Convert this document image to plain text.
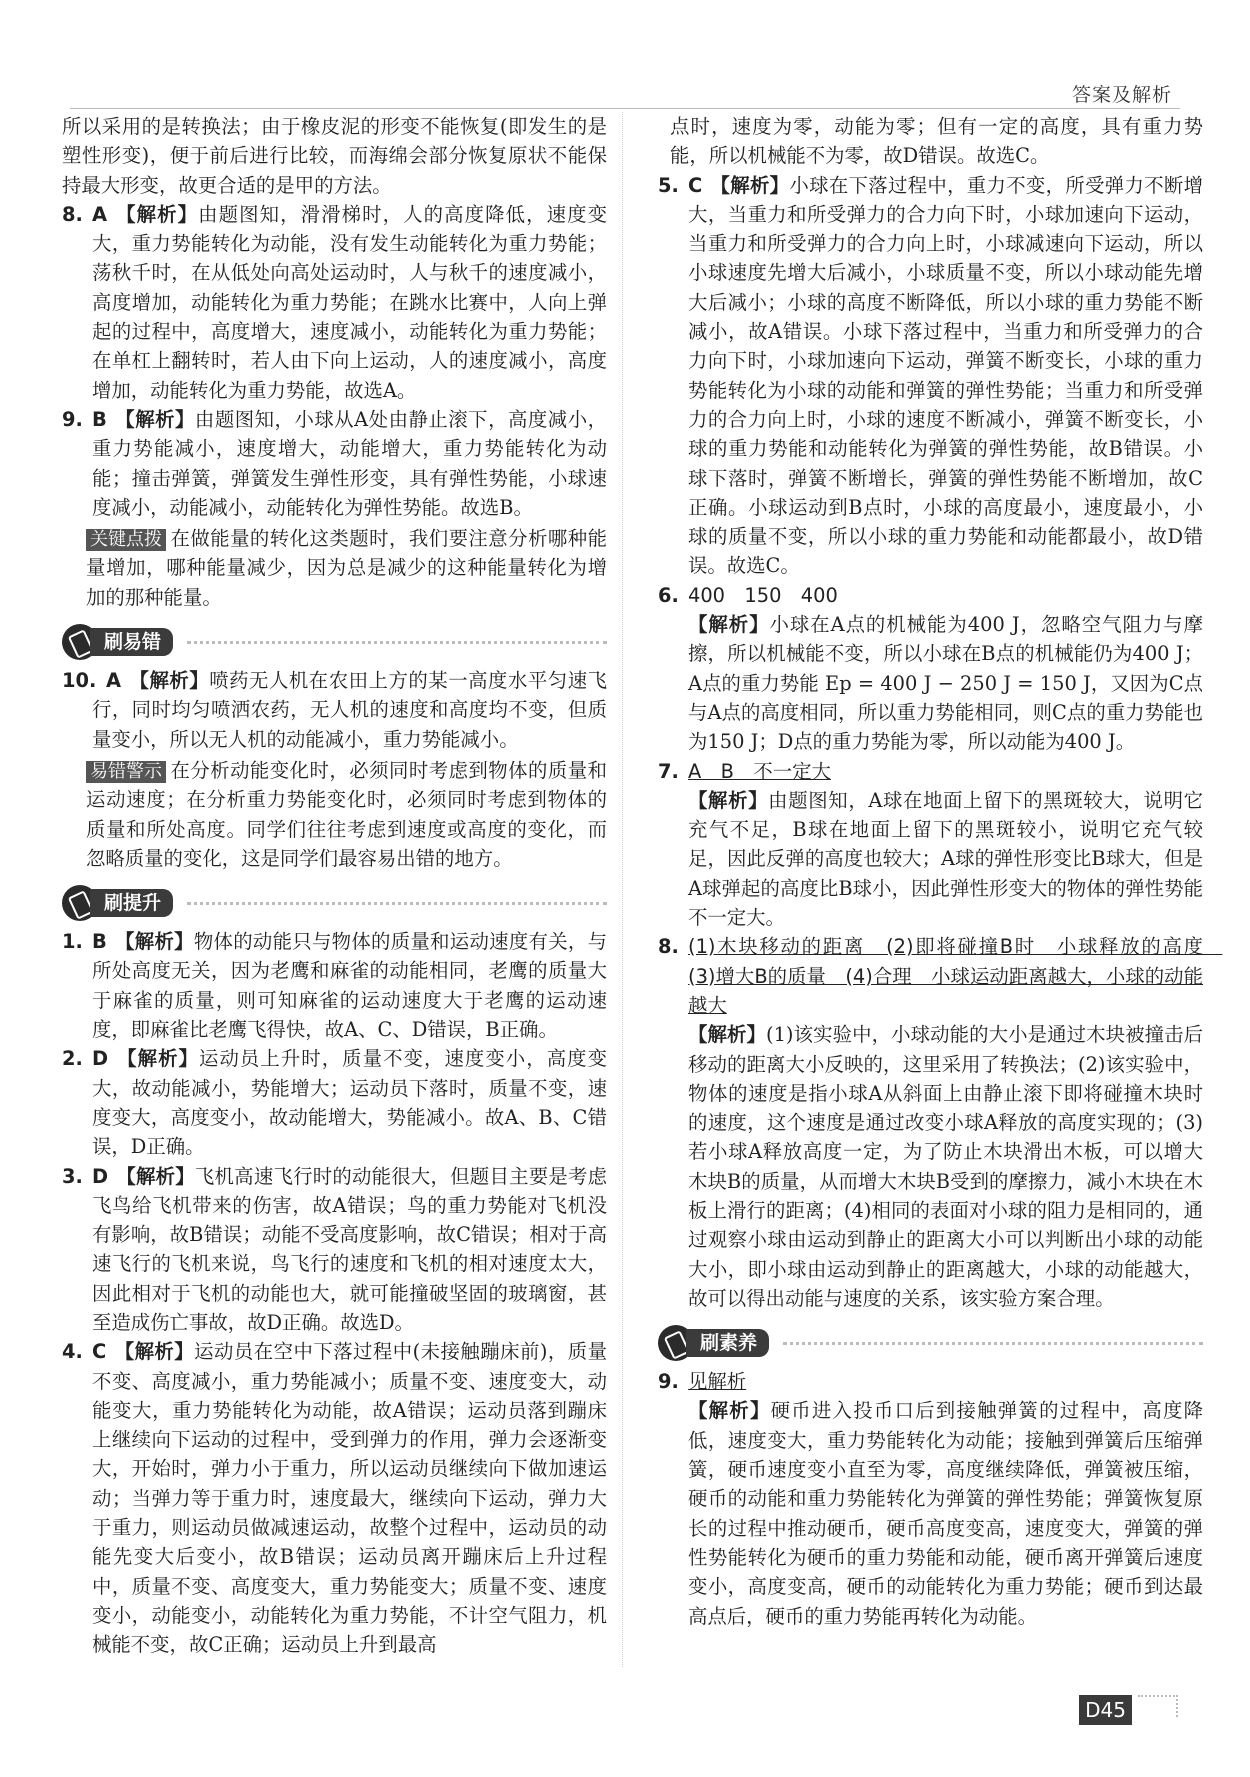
答案及解析
所以采用的是转换法；由于橡皮泥的形变不能恢复(即发生的是塑性形变)，便于前后进行比较，而海绵会部分恢复原状不能保持最大形变，故更合适的是甲的方法。
8. A 【解析】由题图知，滑滑梯时，人的高度降低，速度变大，重力势能转化为动能，没有发生动能转化为重力势能；荡秋千时，在从低处向高处运动时，人与秋千的速度减小，高度增加，动能转化为重力势能；在跳水比赛中，人向上弹起的过程中，高度增大，速度减小，动能转化为重力势能；在单杠上翻转时，若人由下向上运动，人的速度减小，高度增加，动能转化为重力势能，故选A。
9. B 【解析】由题图知，小球从A处由静止滚下，高度减小，重力势能减小，速度增大，动能增大，重力势能转化为动能；撞击弹簧，弹簧发生弹性形变，具有弹性势能，小球速度减小，动能减小，动能转化为弹性势能。故选B。
关键点拨 在做能量的转化这类题时，我们要注意分析哪种能量增加，哪种能量减少，因为总是减少的这种能量转化为增加的那种能量。
刷易错
10. A 【解析】喷药无人机在农田上方的某一高度水平匀速飞行，同时均匀喷洒农药，无人机的速度和高度均不变，但质量变小，所以无人机的动能减小，重力势能减小。
易错警示 在分析动能变化时，必须同时考虑到物体的质量和运动速度；在分析重力势能变化时，必须同时考虑到物体的质量和所处高度。同学们往往考虑到速度或高度的变化，而忽略质量的变化，这是同学们最容易出错的地方。
刷提升
1. B 【解析】物体的动能只与物体的质量和运动速度有关，与所处高度无关，因为老鹰和麻雀的动能相同，老鹰的质量大于麻雀的质量，则可知麻雀的运动速度大于老鹰的运动速度，即麻雀比老鹰飞得快，故A、C、D错误，B正确。
2. D 【解析】运动员上升时，质量不变，速度变小，高度变大，故动能减小，势能增大；运动员下落时，质量不变，速度变大，高度变小，故动能增大，势能减小。故A、B、C错误，D正确。
3. D 【解析】飞机高速飞行时的动能很大，但题目主要是考虑飞鸟给飞机带来的伤害，故A错误；鸟的重力势能对飞机没有影响，故B错误；动能不受高度影响，故C错误；相对于高速飞行的飞机来说，鸟飞行的速度和飞机的相对速度太大，因此相对于飞机的动能也大，就可能撞破坚固的玻璃窗，甚至造成伤亡事故，故D正确。故选D。
4. C 【解析】运动员在空中下落过程中(未接触蹦床前)，质量不变、高度减小，重力势能减小；质量不变、速度变大，动能变大，重力势能转化为动能，故A错误；运动员落到蹦床上继续向下运动的过程中，受到弹力的作用，弹力会逐渐变大，开始时，弹力小于重力，所以运动员继续向下做加速运动；当弹力等于重力时，速度最大，继续向下运动，弹力大于重力，则运动员做减速运动，故整个过程中，运动员的动能先变大后变小，故B错误；运动员离开蹦床后上升过程中，质量不变、高度变大，重力势能变大；质量不变、速度变小，动能变小，动能转化为重力势能，不计空气阻力，机械能不变，故C正确；运动员上升到最高
点时，速度为零，动能为零；但有一定的高度，具有重力势能，所以机械能不为零，故D错误。故选C。
5. C 【解析】小球在下落过程中，重力不变，所受弹力不断增大，当重力和所受弹力的合力向下时，小球加速向下运动，当重力和所受弹力的合力向上时，小球减速向下运动，所以小球速度先增大后减小，小球质量不变，所以小球动能先增大后减小；小球的高度不断降低，所以小球的重力势能不断减小，故A错误。小球下落过程中，当重力和所受弹力的合力向下时，小球加速向下运动，弹簧不断变长，小球的重力势能转化为小球的动能和弹簧的弹性势能；当重力和所受弹力的合力向上时，小球的速度不断减小，弹簧不断变长，小球的重力势能和动能转化为弹簧的弹性势能，故B错误。小球下落时，弹簧不断增长，弹簧的弹性势能不断增加，故C正确。小球运动到B点时，小球的高度最小，速度最小，小球的质量不变，所以小球的重力势能和动能都最小，故D错误。故选C。
6. 400　150　400
【解析】小球在A点的机械能为400 J，忽略空气阻力与摩擦，所以机械能不变，所以小球在B点的机械能仍为400 J；A点的重力势能 Ep = 400 J − 250 J = 150 J，又因为C点与A点的高度相同，所以重力势能相同，则C点的重力势能也为150 J；D点的重力势能为零，所以动能为400 J。
7. A　B　不一定大
【解析】由题图知，A球在地面上留下的黑斑较大，说明它充气不足，B球在地面上留下的黑斑较小，说明它充气较足，因此反弹的高度也较大；A球的弹性形变比B球大，但是A球弹起的高度比B球小，因此弹性形变大的物体的弹性势能不一定大。
8. (1)木块移动的距离　(2)即将碰撞B时　小球释放的高度　(3)增大B的质量　(4)合理　小球运动距离越大，小球的动能越大
【解析】(1)该实验中，小球动能的大小是通过木块被撞击后移动的距离大小反映的，这里采用了转换法；(2)该实验中，物体的速度是指小球A从斜面上由静止滚下即将碰撞木块时的速度，这个速度是通过改变小球A释放的高度实现的；(3)若小球A释放高度一定，为了防止木块滑出木板，可以增大木块B的质量，从而增大木块B受到的摩擦力，减小木块在木板上滑行的距离；(4)相同的表面对小球的阻力是相同的，通过观察小球由运动到静止的距离大小可以判断出小球的动能大小，即小球由运动到静止的距离越大，小球的动能越大，故可以得出动能与速度的关系，该实验方案合理。
刷素养
9. 见解析
【解析】硬币进入投币口后到接触弹簧的过程中，高度降低，速度变大，重力势能转化为动能；接触到弹簧后压缩弹簧，硬币速度变小直至为零，高度继续降低，弹簧被压缩，硬币的动能和重力势能转化为弹簧的弹性势能；弹簧恢复原长的过程中推动硬币，硬币高度变高，速度变大，弹簧的弹性势能转化为硬币的重力势能和动能，硬币离开弹簧后速度变小，高度变高，硬币的动能转化为重力势能；硬币到达最高点后，硬币的重力势能再转化为动能。
D45
